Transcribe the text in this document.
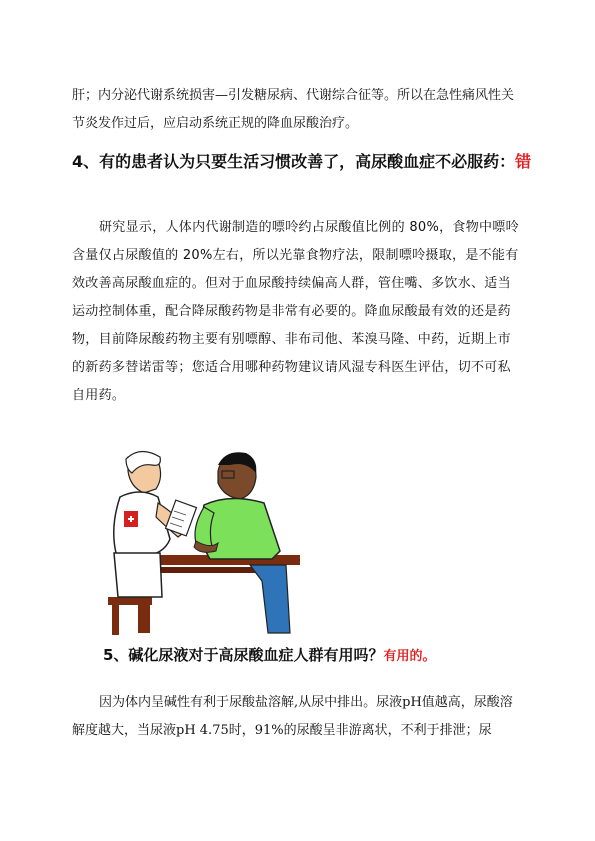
肝；内分泌代谢系统损害—引发糖尿病、代谢综合征等。所以在急性痛风性关节炎发作过后，应启动系统正规的降血尿酸治疗。

4、有的患者认为只要生活习惯改善了，高尿酸血症不必服药：错

研究显示，人体内代谢制造的嘌呤约占尿酸值比例的 80%，食物中嘌呤含量仅占尿酸值的 20%左右，所以光靠食物疗法，限制嘌呤摄取，是不能有效改善高尿酸血症的。但对于血尿酸持续偏高人群，管住嘴、多饮水、适当运动控制体重，配合降尿酸药物是非常有必要的。降血尿酸最有效的还是药物，目前降尿酸药物主要有别嘌醇、非布司他、苯溴马隆、中药，近期上市的新药多替诺雷等；您适合用哪种药物建议请风湿专科医生评估，切不可私自用药。

5、碱化尿液对于高尿酸血症人群有用吗？有用的。

因为体内呈碱性有利于尿酸盐溶解,从尿中排出。尿液pH值越高，尿酸溶解度越大，当尿液pH 4.75时，91%的尿酸呈非游离状，不利于排泄；尿
